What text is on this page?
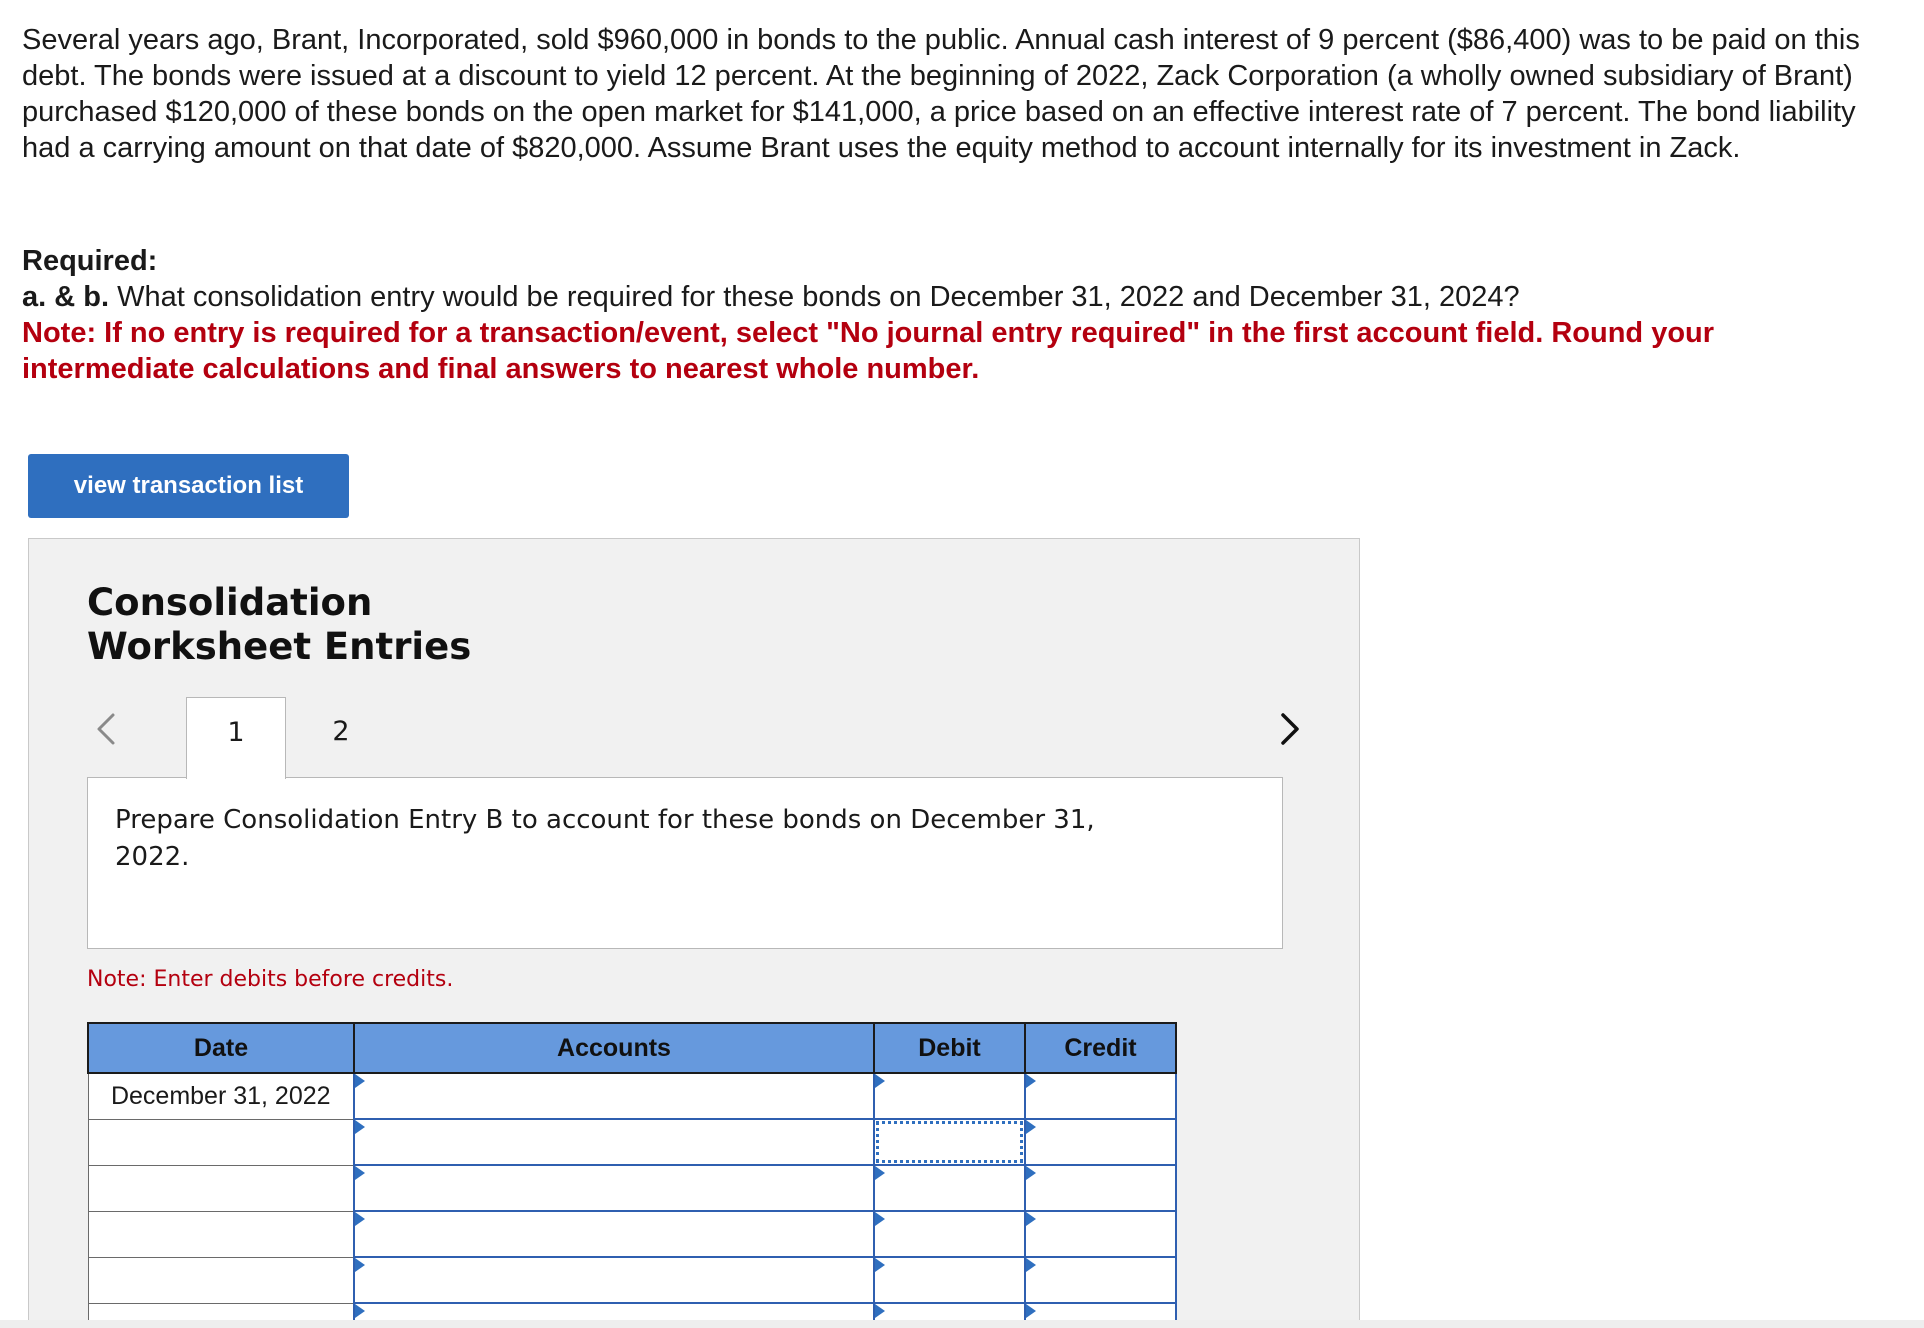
Several years ago, Brant, Incorporated, sold $960,000 in bonds to the public. Annual cash interest of 9 percent ($86,400) was to be paid on this debt. The bonds were issued at a discount to yield 12 percent. At the beginning of 2022, Zack Corporation (a wholly owned subsidiary of Brant) purchased $120,000 of these bonds on the open market for $141,000, a price based on an effective interest rate of 7 percent. The bond liability had a carrying amount on that date of $820,000. Assume Brant uses the equity method to account internally for its investment in Zack.

Required:

a. & b. What consolidation entry would be required for these bonds on December 31, 2022 and December 31, 2024?

Note: If no entry is required for a transaction/event, select "No journal entry required" in the first account field. Round your intermediate calculations and final answers to nearest whole number.

view transaction list
Consolidation
Worksheet Entries
1	2

Prepare Consolidation Entry B to account for these bonds on December 31, 2022.

Note: Enter debits before credits.

Date	Accounts	Debit	Credit
December 31, 2022	
